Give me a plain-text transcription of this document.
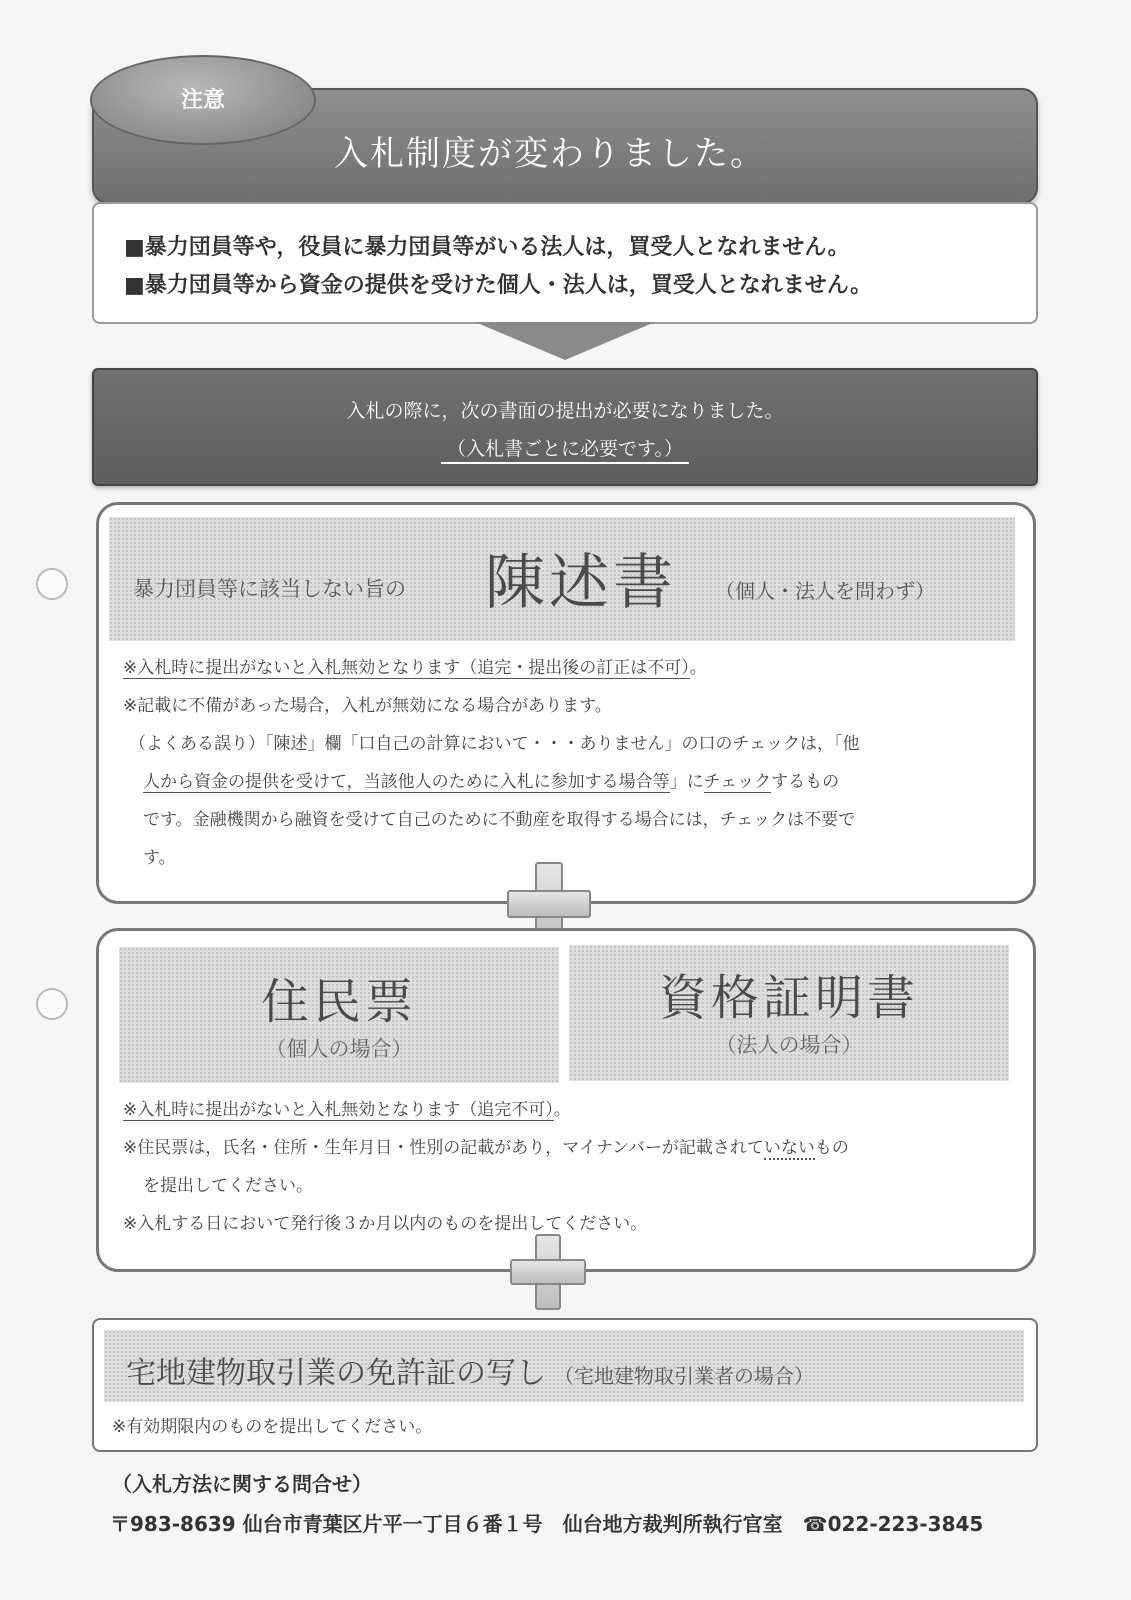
入札制度が変わりました。
注意
■暴力団員等や，役員に暴力団員等がいる法人は，買受人となれません。
■暴力団員等から資金の提供を受けた個人・法人は，買受人となれません。
入札の際に，次の書面の提出が必要になりました。
（入札書ごとに必要です。）
暴力団員等に該当しない旨の 陳述書 （個人・法人を問わず）
※入札時に提出がないと入札無効となります（追完・提出後の訂正は不可）。
※記載に不備があった場合，入札が無効になる場合があります。
（よくある誤り）「陳述」欄「口自己の計算において・・・ありません」の口のチェックは，「他
人から資金の提供を受けて，当該他人のために入札に参加する場合等」にチェックするもの
です。金融機関から融資を受けて自己のために不動産を取得する場合には，チェックは不要で
す。
住民票
（個人の場合）
資格証明書
（法人の場合）
※入札時に提出がないと入札無効となります（追完不可）。
※住民票は，氏名・住所・生年月日・性別の記載があり，マイナンバーが記載されていないもの
を提出してください。
※入札する日において発行後３か月以内のものを提出してください。
宅地建物取引業の免許証の写し （宅地建物取引業者の場合）
※有効期限内のものを提出してください。
（入札方法に関する問合せ）
〒983-8639 仙台市青葉区片平一丁目６番１号　仙台地方裁判所執行官室　☎022-223-3845
